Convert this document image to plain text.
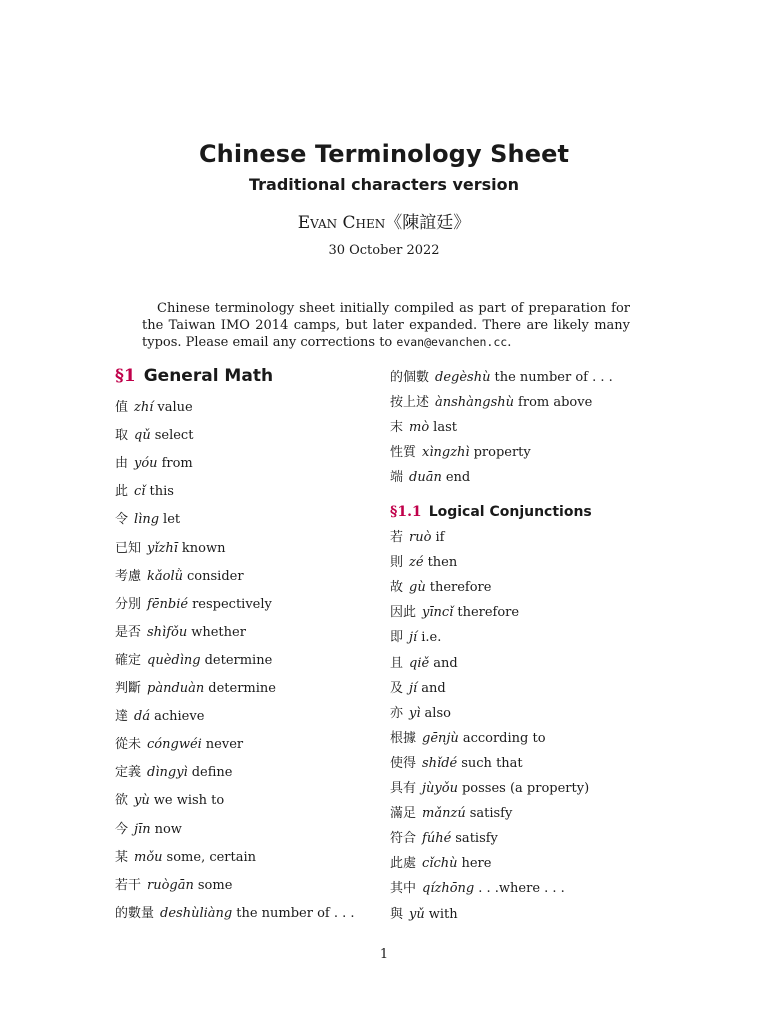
Chinese Terminology Sheet
Traditional characters version
Evan Chen《陳誼廷》
30 October 2022
Chinese terminology sheet initially compiled as part of preparation for the Taiwan IMO 2014 camps, but later expanded. There are likely many typos. Please email any corrections to evan@evanchen.cc.
§1 General Math
值 zhí value
取 qǔ select
由 yóu from
此 cǐ this
令 lìng let
已知 yǐzhī known
考慮 kǎolǜ consider
分別 fēnbié respectively
是否 shìfǒu whether
確定 quèdìng determine
判斷 pànduàn determine
達 dá achieve
從未 cóngwéi never
定義 dìngyì define
欲 yù we wish to
今 jīn now
某 mǒu some, certain
若干 ruògān some
的數量 deshùliàng the number of . . .
的個數 degèshù the number of . . .
按上述 ànshàngshù from above
末 mò last
性質 xìngzhì property
端 duān end
§1.1 Logical Conjunctions
若 ruò if
則 zé then
故 gù therefore
因此 yīncǐ therefore
即 jí i.e.
且 qiě and
及 jí and
亦 yì also
根據 gēnjù according to
使得 shǐdé such that
具有 jùyǒu posses (a property)
滿足 mǎnzú satisfy
符合 fúhé satisfy
此處 cǐchù here
其中 qízhōng . . .where . . .
與 yǔ with
1
